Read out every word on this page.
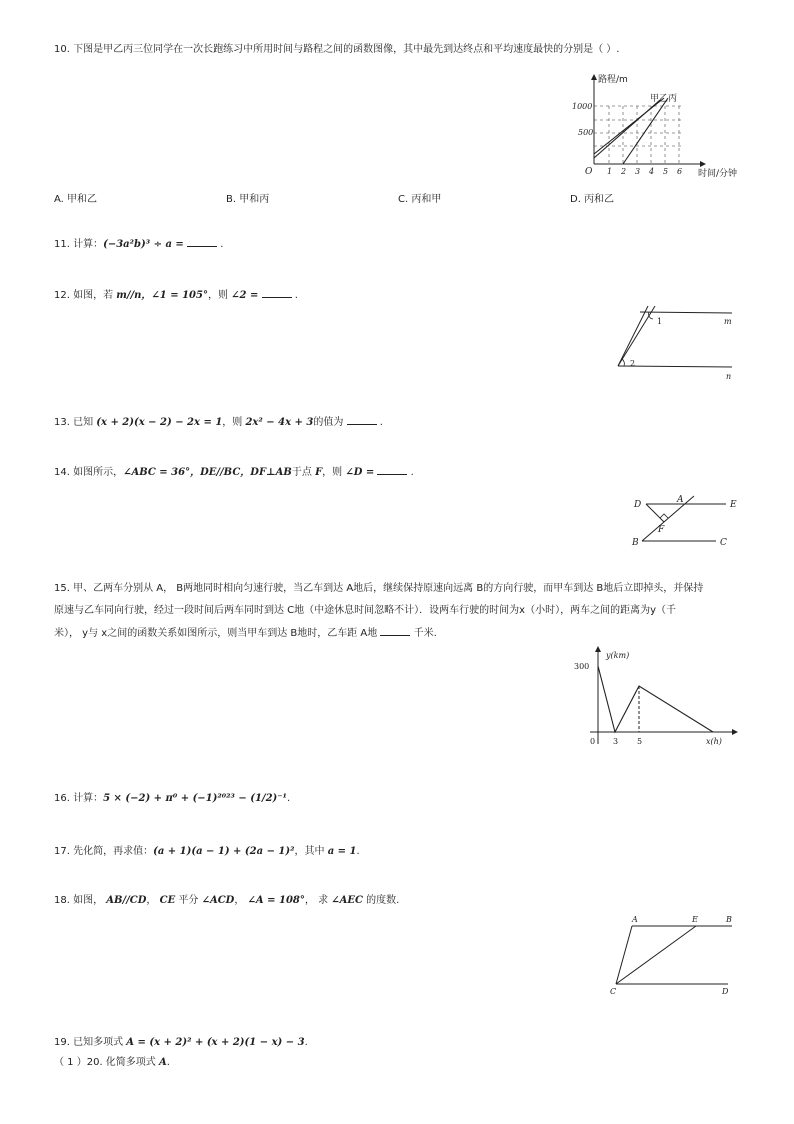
10. 下图是甲乙丙三位同学在一次长跑练习中所用时间与路程之间的函数图像，其中最先到达终点和平均速度最快的分别是（ ）.
路程/m
甲乙丙
1000
500
O 1 2 3 4 5 6 时间/分钟
A. 甲和乙	B. 甲和丙	C. 丙和甲	D. 丙和乙
11. 计算：(−3a²b)³ ÷ a =	.
12. 如图，若 m//n，∠1 = 105°，则 ∠2 =	.
1
2
m
n
13. 已知 (x + 2)(x − 2) − 2x = 1，则 2x² − 4x + 3的值为	.
14. 如图所示，∠ABC = 36°，DE//BC，DF⊥AB于点 F，则 ∠D =	.
D	A	E
F
B	C
15. 甲、乙两车分别从 A， B两地同时相向匀速行驶，当乙车到达 A地后，继续保持原速向远离 B的方向行驶，而甲车到达 B地后立即掉头，并保持
原速与乙车同向行驶，经过一段时间后两车同时到达 C地（中途休息时间忽略不计）．设两车行驶的时间为x（小时），两车之间的距离为y（千
米）， y与 x之间的函数关系如图所示，则当甲车到达 B地时，乙车距 A地	千米.
y(km)
300
0 3 5	x(h)
16. 计算：5 × (−2) + π⁰ + (−1)²⁰²³ − (1/2)⁻¹.
17. 先化简，再求值：(a + 1)(a − 1) + (2a − 1)²，其中 a = 1.
18. 如图， AB//CD， CE 平分 ∠ACD， ∠A = 108°， 求 ∠AEC 的度数.
A	E	B
C	D
19. 已知多项式 A = (x + 2)² + (x + 2)(1 − x) − 3.
（ 1 ）20. 化简多项式 A.
